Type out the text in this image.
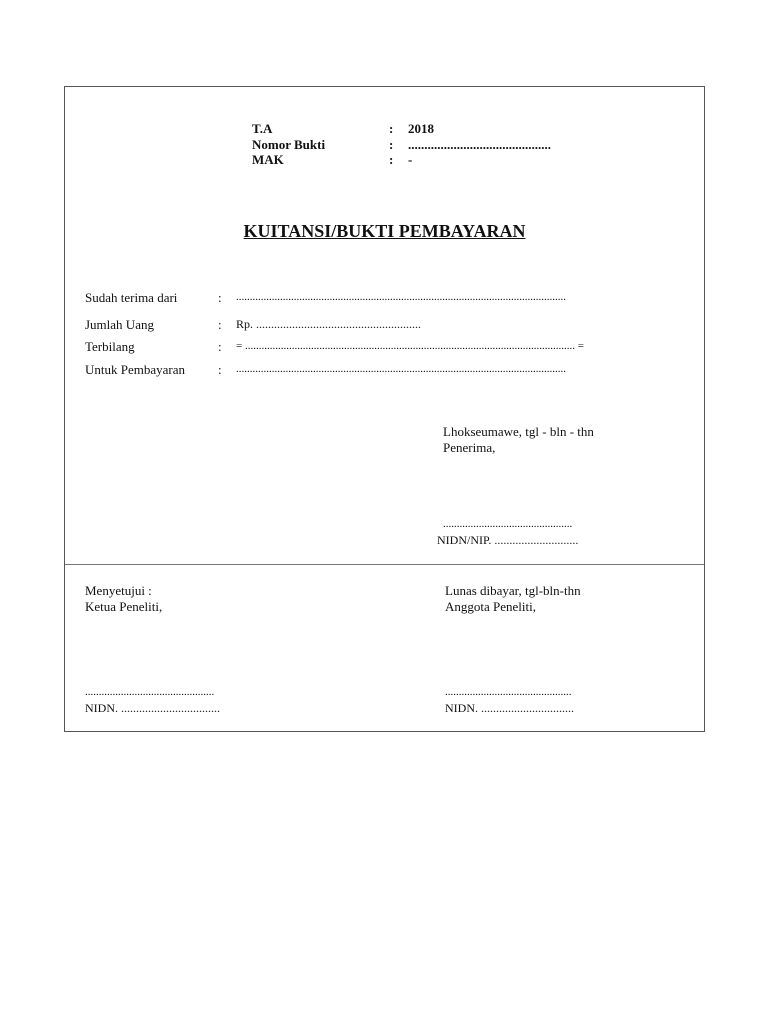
T.A	: 2018
Nomor Bukti	: ............................................
MAK	: -
KUITANSI/BUKTI PEMBAYARAN
Sudah terima dari	: ........................................................................................................................
Jumlah Uang	: Rp. .......................................................
Terbilang	: = ........................................................................................................................ =
Untuk Pembayaran	: ........................................................................................................................
Lhokseumawe, tgl - bln - thn
Penerima,
...............................................
NIDN/NIP. ............................
Menyetujui :
Ketua Peneliti,
...............................................
NIDN. .................................
Lunas dibayar, tgl-bln-thn
Anggota Peneliti,
..............................................
NIDN. ...............................
